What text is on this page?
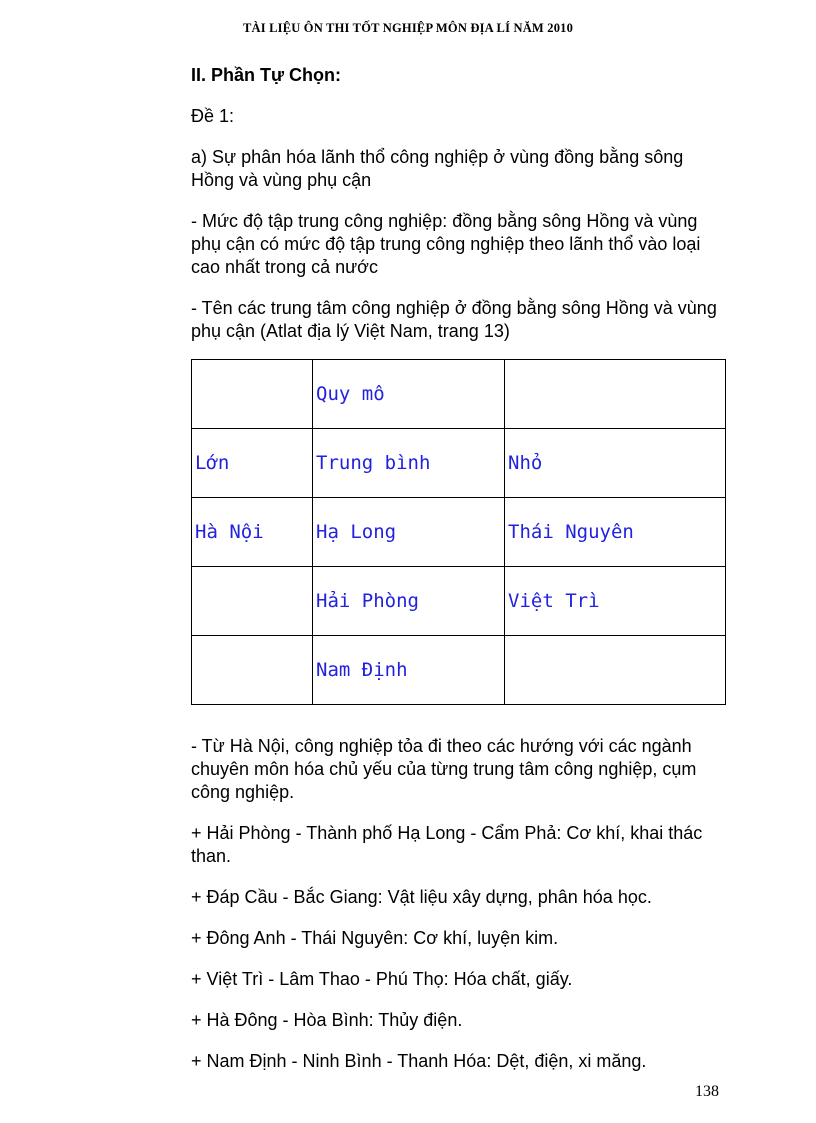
TÀI LIỆU ÔN THI TỐT NGHIỆP MÔN ĐỊA LÍ NĂM 2010
II. Phần Tự Chọn:

Đề 1:

a) Sự phân hóa lãnh thổ công nghiệp ở vùng đồng bằng sông Hồng và vùng phụ cận

- Mức độ tập trung công nghiệp: đồng bằng sông Hồng và vùng phụ cận có mức độ tập trung công nghiệp theo lãnh thổ vào loại cao nhất trong cả nước

- Tên các trung tâm công nghiệp ở đồng bằng sông Hồng và vùng phụ cận (Atlat địa lý Việt Nam, trang 13)

	Quy mô	
Lớn	Trung bình	Nhỏ
Hà Nội	Hạ Long	Thái Nguyên
	Hải Phòng	Việt Trì
	Nam Định	

- Từ Hà Nội, công nghiệp tỏa đi theo các hướng với các ngành chuyên môn hóa chủ yếu của từng trung tâm công nghiệp, cụm công nghiệp.

+ Hải Phòng - Thành phố Hạ Long - Cẩm Phả: Cơ khí, khai thác than.

+ Đáp Cầu - Bắc Giang: Vật liệu xây dựng, phân hóa học.

+ Đông Anh - Thái Nguyên: Cơ khí, luyện kim.

+ Việt Trì - Lâm Thao - Phú Thọ: Hóa chất, giấy.

+ Hà Đông - Hòa Bình: Thủy điện.

+ Nam Định - Ninh Bình - Thanh Hóa: Dệt, điện, xi măng.

138
